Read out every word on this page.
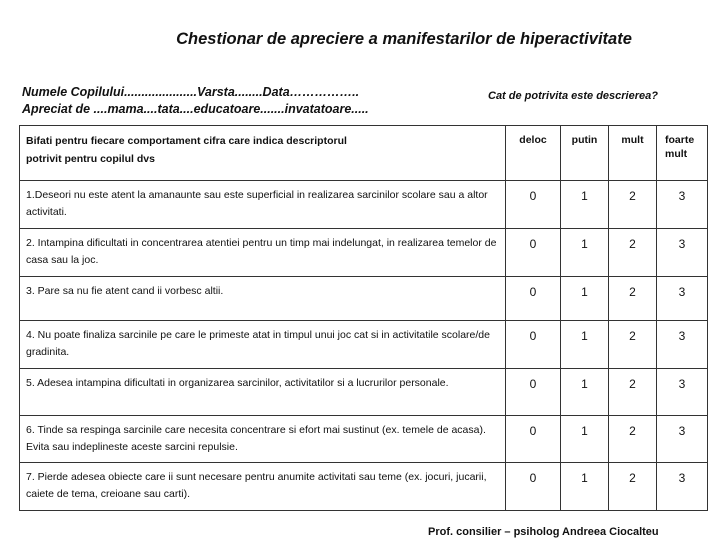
Chestionar de apreciere a manifestarilor de hiperactivitate
Numele Copilului.....................Varsta........Data……………..
Apreciat de ....mama....tata....educatoare.......invatatoare.....
Cat de potrivita este descrierea?
Bifati pentru fiecare comportament cifra care indica descriptorul
potrivit pentru copilul dvs	deloc	putin	mult	foarte mult
1.Deseori nu este atent la amanaunte sau este superficial in realizarea sarcinilor scolare sau a altor activitati.	0	1	2	3
2. Intampina dificultati in concentrarea atentiei pentru un timp mai indelungat, in realizarea temelor de casa sau la joc.	0	1	2	3
3. Pare sa nu fie atent cand ii vorbesc altii.	0	1	2	3
4. Nu poate finaliza sarcinile pe care le primeste atat in timpul unui joc cat si in activitatile scolare/de gradinita.	0	1	2	3
5. Adesea intampina dificultati in organizarea sarcinilor, activitatilor si a lucrurilor personale.	0	1	2	3
6. Tinde sa respinga sarcinile care necesita concentrare si efort mai sustinut (ex. temele de acasa). Evita sau indeplineste aceste sarcini repulsie.	0	1	2	3
7. Pierde adesea obiecte care ii sunt necesare pentru anumite activitati sau teme (ex. jocuri, jucarii, caiete de tema, creioane sau carti).	0	1	2	3
Prof. consilier – psiholog Andreea Ciocalteu
